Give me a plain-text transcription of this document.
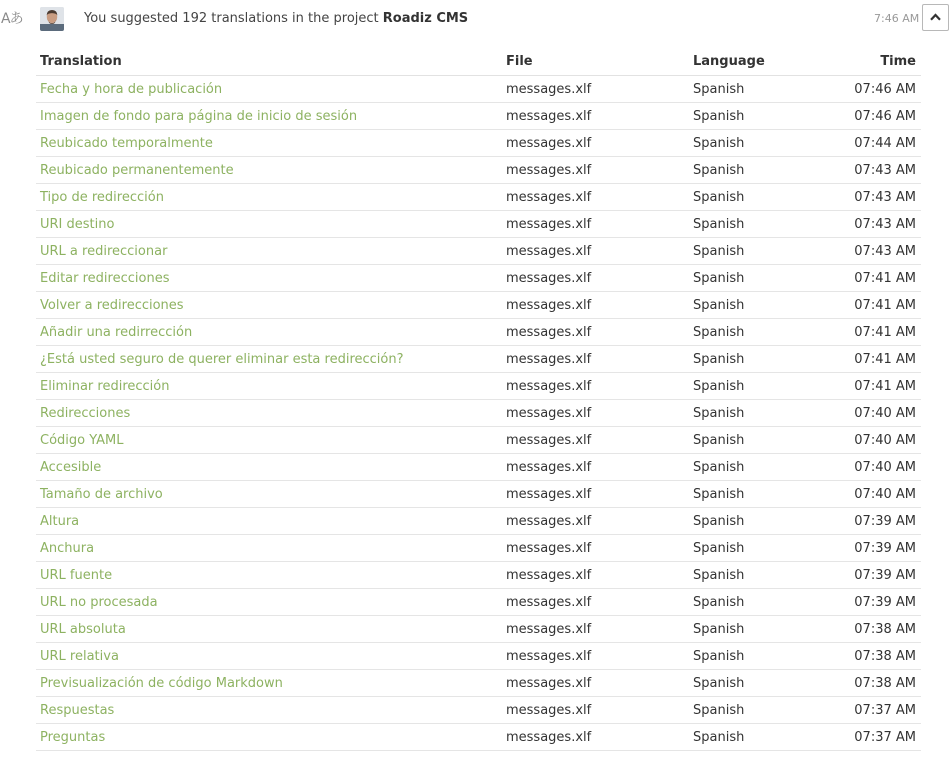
Aあ	You suggested 192 translations in the project Roadiz CMS	7:46 AM
Translation	File	Language	Time
Fecha y hora de publicación	messages.xlf	Spanish	07:46 AM
Imagen de fondo para página de inicio de sesión	messages.xlf	Spanish	07:46 AM
Reubicado temporalmente	messages.xlf	Spanish	07:44 AM
Reubicado permanentemente	messages.xlf	Spanish	07:43 AM
Tipo de redirección	messages.xlf	Spanish	07:43 AM
URI destino	messages.xlf	Spanish	07:43 AM
URL a redireccionar	messages.xlf	Spanish	07:43 AM
Editar redirecciones	messages.xlf	Spanish	07:41 AM
Volver a redirecciones	messages.xlf	Spanish	07:41 AM
Añadir una redirrección	messages.xlf	Spanish	07:41 AM
¿Está usted seguro de querer eliminar esta redirección?	messages.xlf	Spanish	07:41 AM
Eliminar redirección	messages.xlf	Spanish	07:41 AM
Redirecciones	messages.xlf	Spanish	07:40 AM
Código YAML	messages.xlf	Spanish	07:40 AM
Accesible	messages.xlf	Spanish	07:40 AM
Tamaño de archivo	messages.xlf	Spanish	07:40 AM
Altura	messages.xlf	Spanish	07:39 AM
Anchura	messages.xlf	Spanish	07:39 AM
URL fuente	messages.xlf	Spanish	07:39 AM
URL no procesada	messages.xlf	Spanish	07:39 AM
URL absoluta	messages.xlf	Spanish	07:38 AM
URL relativa	messages.xlf	Spanish	07:38 AM
Previsualización de código Markdown	messages.xlf	Spanish	07:38 AM
Respuestas	messages.xlf	Spanish	07:37 AM
Preguntas	messages.xlf	Spanish	07:37 AM
